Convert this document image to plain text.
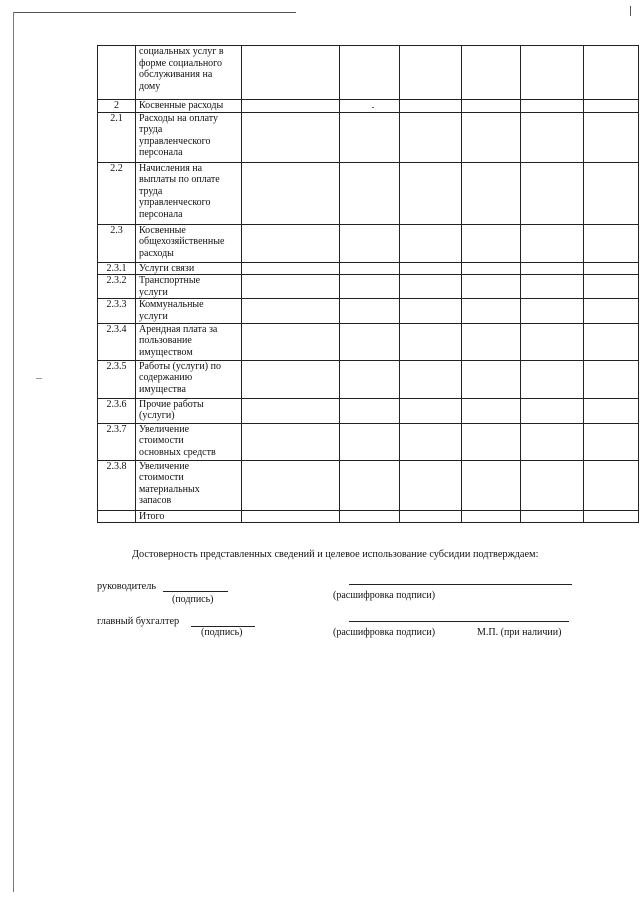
	социальных услуг в
форме социального
обслуживания на
дому						
2	Косвенные расходы						
2.1	Расходы на оплату
труда
управленческого
персонала						
2.2	Начисления на
выплаты по оплате
труда
управленческого
персонала						
2.3	Косвенные
общехозяйственные
расходы						
2.3.1	Услуги связи						
2.3.2	Транспортные
услуги						
2.3.3	Коммунальные
услуги						
2.3.4	Арендная плата за
пользование
имуществом						
2.3.5	Работы (услуги) по
содержанию
имущества						
2.3.6	Прочие работы
(услуги)						
2.3.7	Увеличение
стоимости
основных средств						
2.3.8	Увеличение
стоимости
материальных
запасов						
	Итого						
Достоверность представленных сведений и целевое использование субсидии подтверждаем:
руководитель
(подпись)	(расшифровка подписи)
главный бухгалтер
(подпись)	(расшифровка подписи)	М.П. (при наличии)
